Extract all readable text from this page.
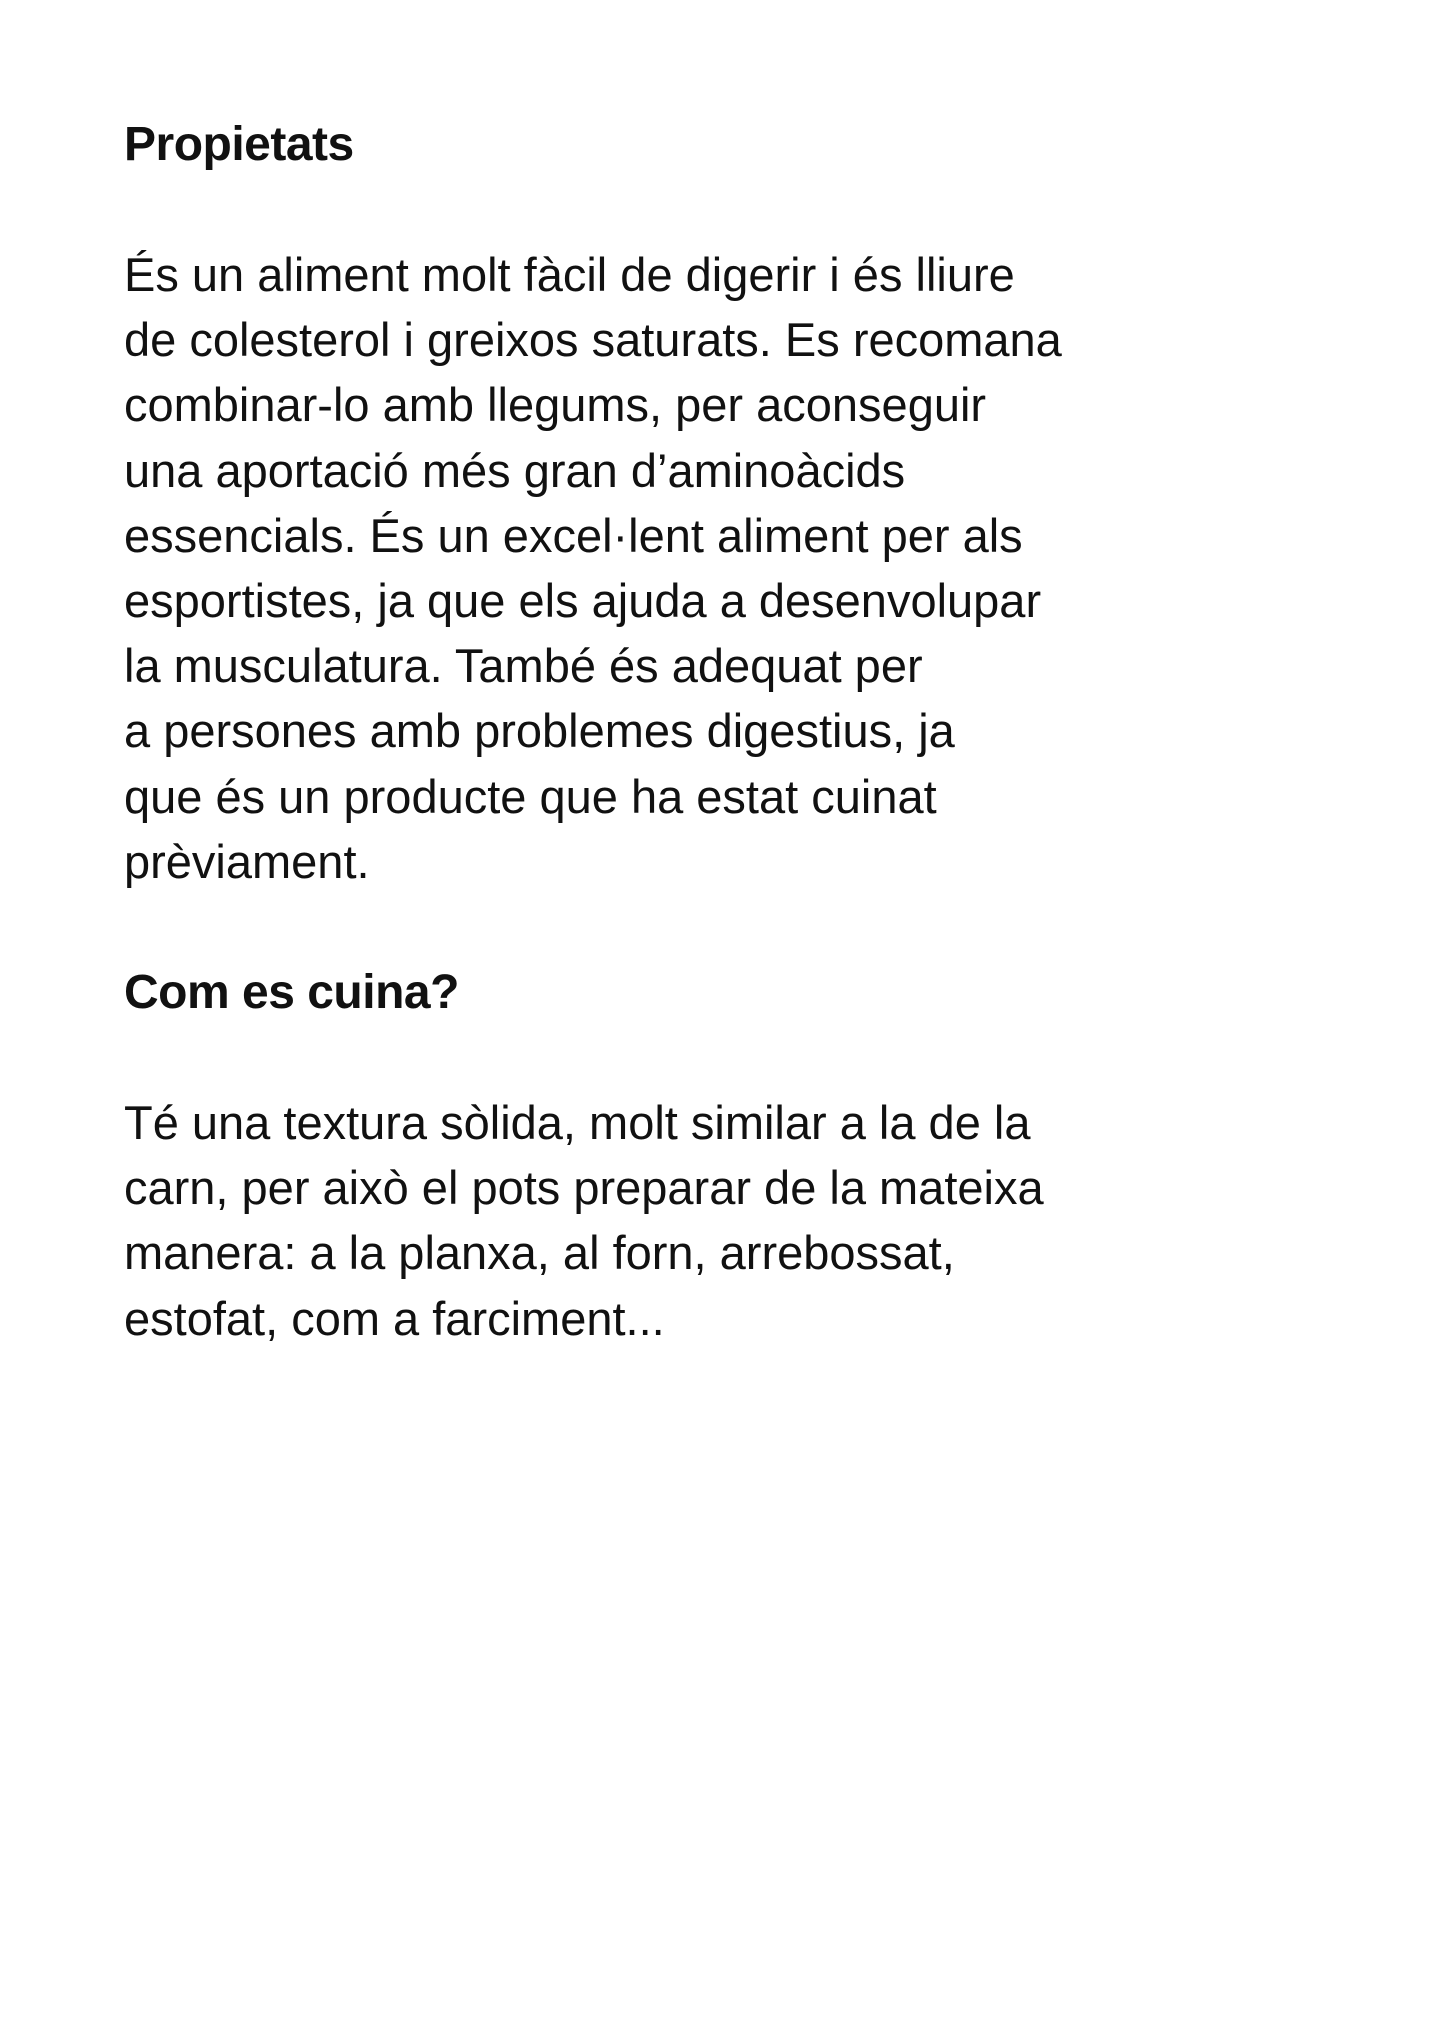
Propietats

És un aliment molt fàcil de digerir i és lliure
de colesterol i greixos saturats. Es recomana
combinar-lo amb llegums, per aconseguir
una aportació més gran d’aminoàcids
essencials. És un excel·lent aliment per als
esportistes, ja que els ajuda a desenvolupar
la musculatura. També és adequat per
a persones amb problemes digestius, ja
que és un producte que ha estat cuinat
prèviament.

Com es cuina?

Té una textura sòlida, molt similar a la de la
carn, per això el pots preparar de la mateixa
manera: a la planxa, al forn, arrebossat,
estofat, com a farciment...
